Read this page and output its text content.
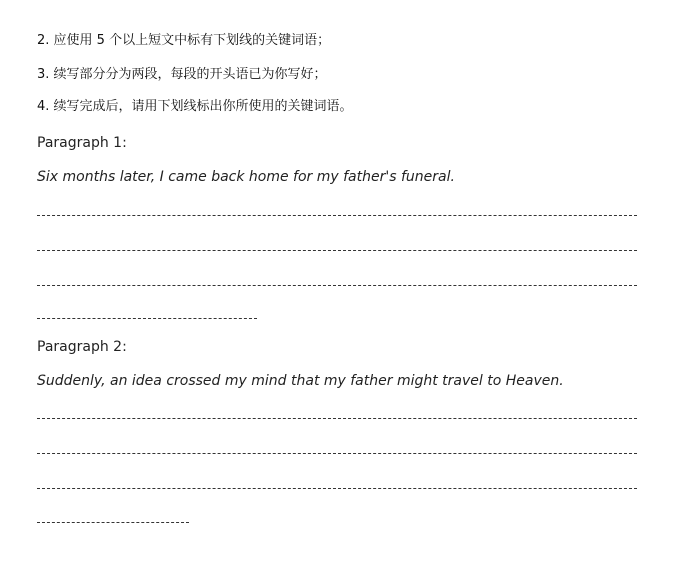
2. 应使用 5 个以上短文中标有下划线的关键词语；
3. 续写部分分为两段，每段的开头语已为你写好；
4. 续写完成后，请用下划线标出你所使用的关键词语。
Paragraph 1:
Six months later, I came back home for my father's funeral.
Paragraph 2:
Suddenly, an idea crossed my mind that my father might travel to Heaven.
